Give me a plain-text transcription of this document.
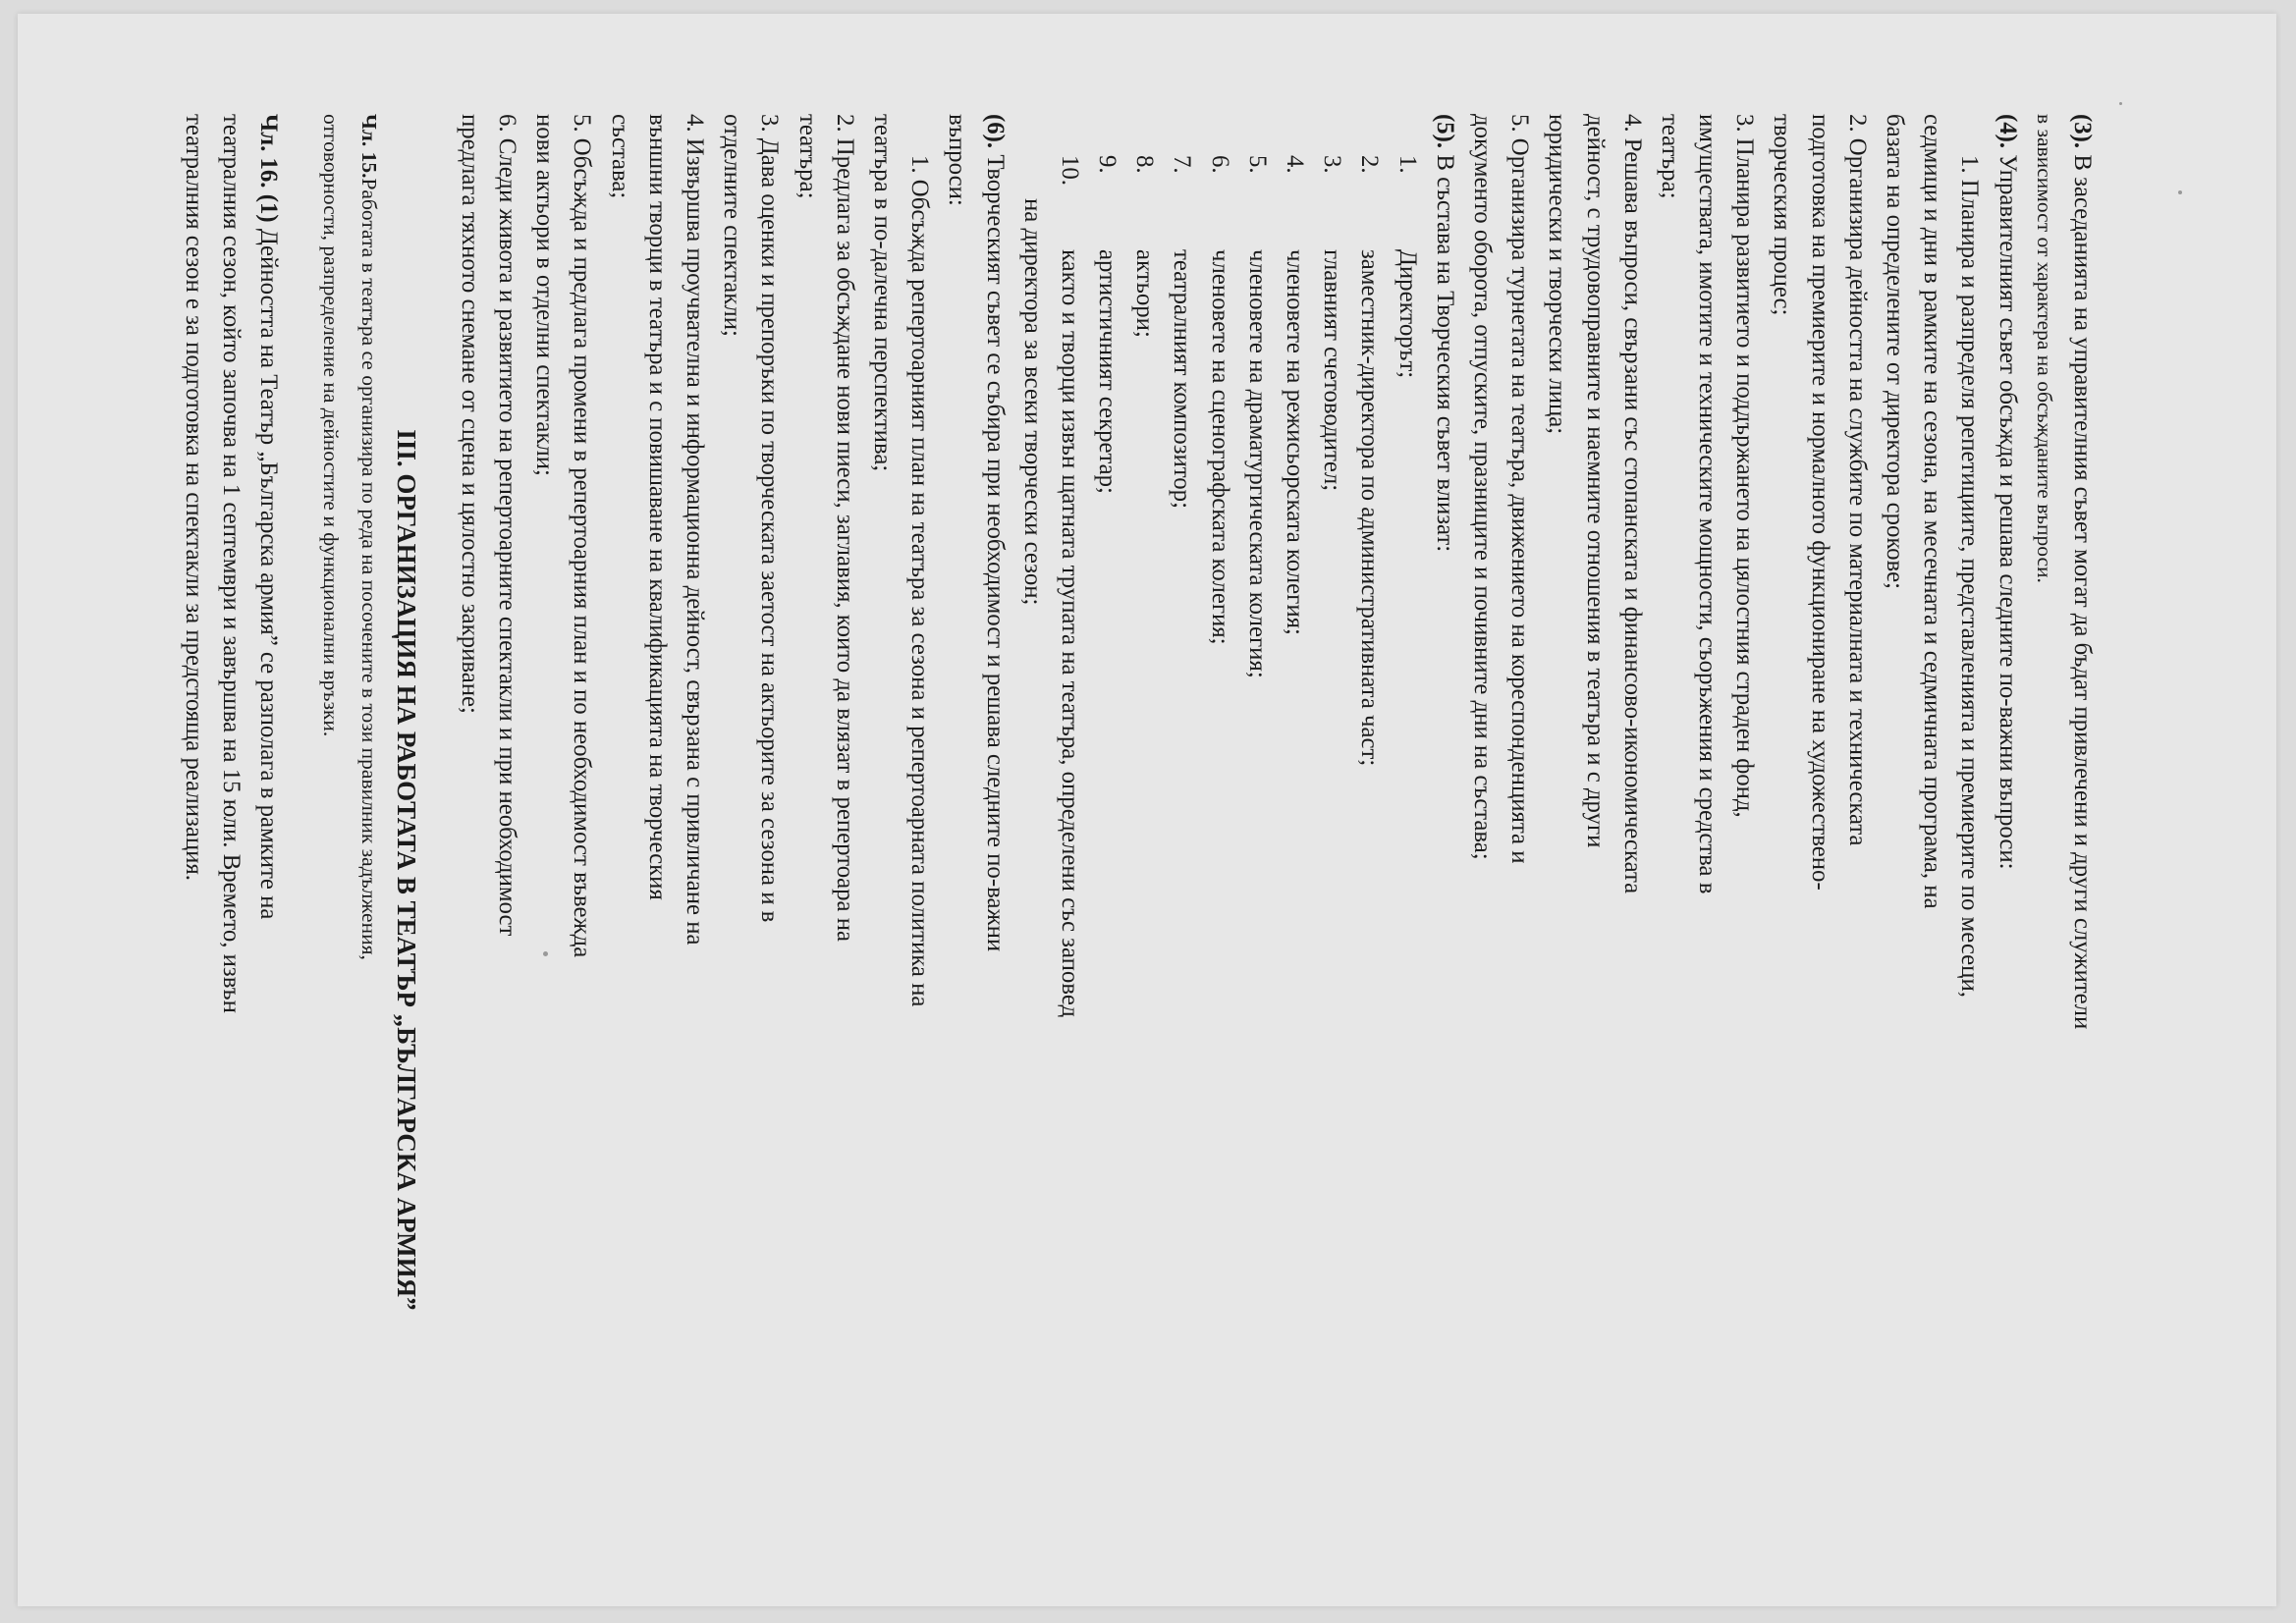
(3). В заседанията на управителния съвет могат да бъдат привлечени и други служители
в зависимост от характера на обсъжданите въпроси.
(4). Управителният съвет обсъжда и решава следните по-важни въпроси:
1. Планира и разпределя репетициите, представленията и премиерите по месеци,
седмици и дни в рамките на сезона, на месечната и седмичната програма, на
базата на определените от директора срокове;
2. Организира дейността на службите по материалната и техническата
подготовка на премиерите и нормалното функциониране на художествено-
творческия процес;
3. Планира развитието и поддържането на цялостния страден фонд,
имуществата, имотите и техническите мощности, съоръжения и средства в
театъра;
4. Решава въпроси, свързани със стопанската и финансово-икономическата
дейност, с трудовоправните и наемните отношения в театъра и с други
юридически и творчески лица;
5. Организира турнетата на театъра, движението на кореспонденцията и
документо оборота, отпуските, празниците и почивните дни на състава;
(5). В състава на Творческия съвет влизат:
1.Директорът;
2.заместник-директора по административната част;
3.главният счетоводител;
4.членовете на режисьорската колегия;
5.членовете на драматургическата колегия;
6.членовете на сценографската колегия;
7.театралният композитор;
8.актьори;
9.артистичният секретар;
10.както и творци извън щатната трупата на театъра, определени със заповед
на директора за всеки творчески сезон;
(6). Творческият съвет се събира при необходимост и решава следните по-важни
въпроси:
1. Обсъжда репертоарният план на театъра за сезона и репертоарната политика на
театъра в по-далечна перспектива;
2. Предлага за обсъждане нови пиеси, заглавия, които да влязат в репертоара на
театъра;
3. Дава оценки и препоръки по творческата заетост на актьорите за сезона и в
отделните спектакли;
4. Извършва проучвателна и информационна дейност, свързана с привличане на
външни творци в театъра и с повишаване на квалификацията на творческия
състава;
5. Обсъжда и предлага промени в репертоарния план и по необходимост въвежда
нови актьори в отделни спектакли;
6. Следи живота и развитието на репертоарните спектакли и при необходимост
предлага тяхното снемане от сцена и цялостно закриване;
III. ОРГАНИЗАЦИЯ НА РАБОТАТА В ТЕАТЪР „БЪЛГАРСКА АРМИЯ”
Чл. 15.Работата в театъра се организира по реда на посочените в този правилник задължения,
отговорности, разпределение на дейностите и функционални връзки.
Чл. 16. (1) Дейността на Театър „Българска армия” се разполага в рамките на
театралния сезон, който започва на 1 септември и завършва на 15 юли. Времето, извън
театралния сезон е за подготовка на спектакли за предстояща реализация.
